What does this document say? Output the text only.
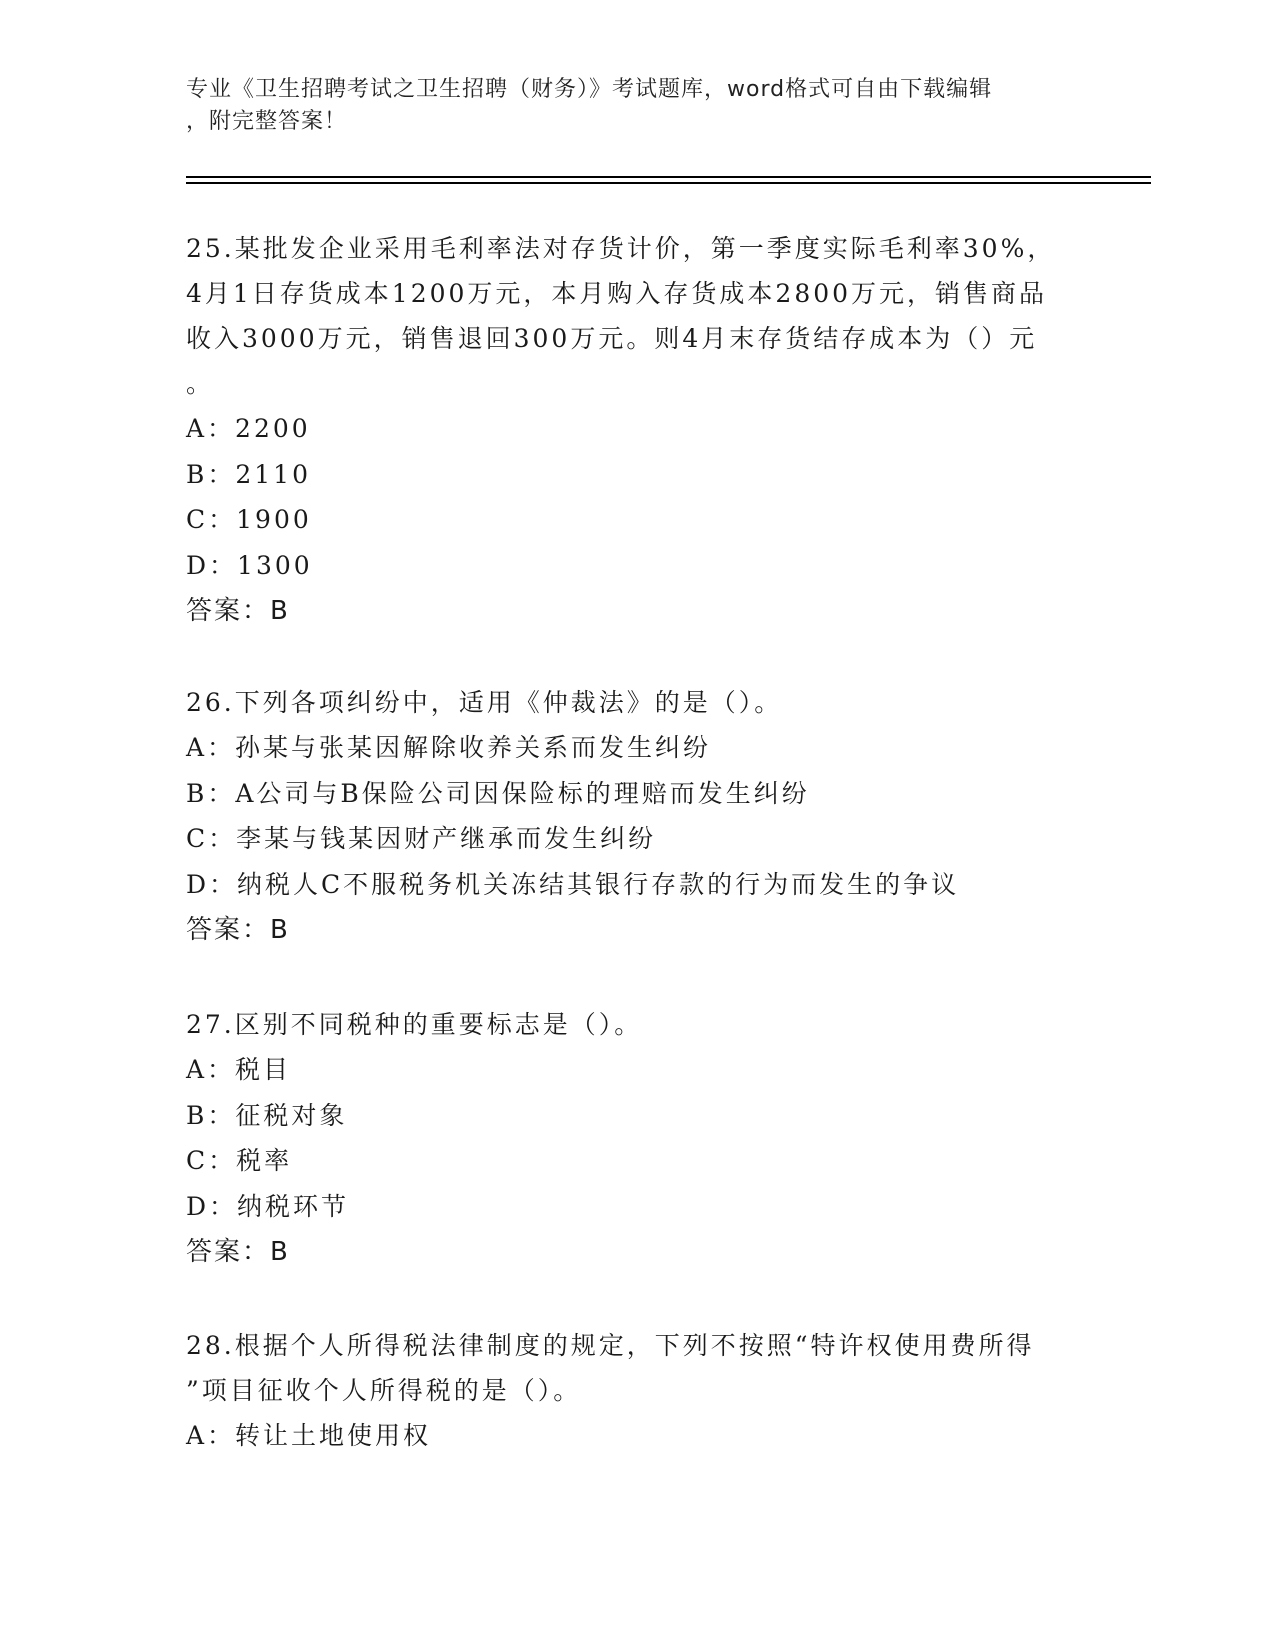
专业《卫生招聘考试之卫生招聘（财务）》考试题库，word格式可自由下载编辑
，附完整答案！
25.某批发企业采用毛利率法对存货计价，第一季度实际毛利率30%，
4月1日存货成本1200万元，本月购入存货成本2800万元，销售商品
收入3000万元，销售退回300万元。则4月末存货结存成本为（）元
。
A：2200
B：2110
C：1900
D：1300
答案：B
26.下列各项纠纷中，适用《仲裁法》的是（）。
A：孙某与张某因解除收养关系而发生纠纷
B：A公司与B保险公司因保险标的理赔而发生纠纷
C：李某与钱某因财产继承而发生纠纷
D：纳税人C不服税务机关冻结其银行存款的行为而发生的争议
答案：B
27.区别不同税种的重要标志是（）。
A：税目
B：征税对象
C：税率
D：纳税环节
答案：B
28.根据个人所得税法律制度的规定，下列不按照“特许权使用费所得
”项目征收个人所得税的是（）。
A：转让土地使用权
